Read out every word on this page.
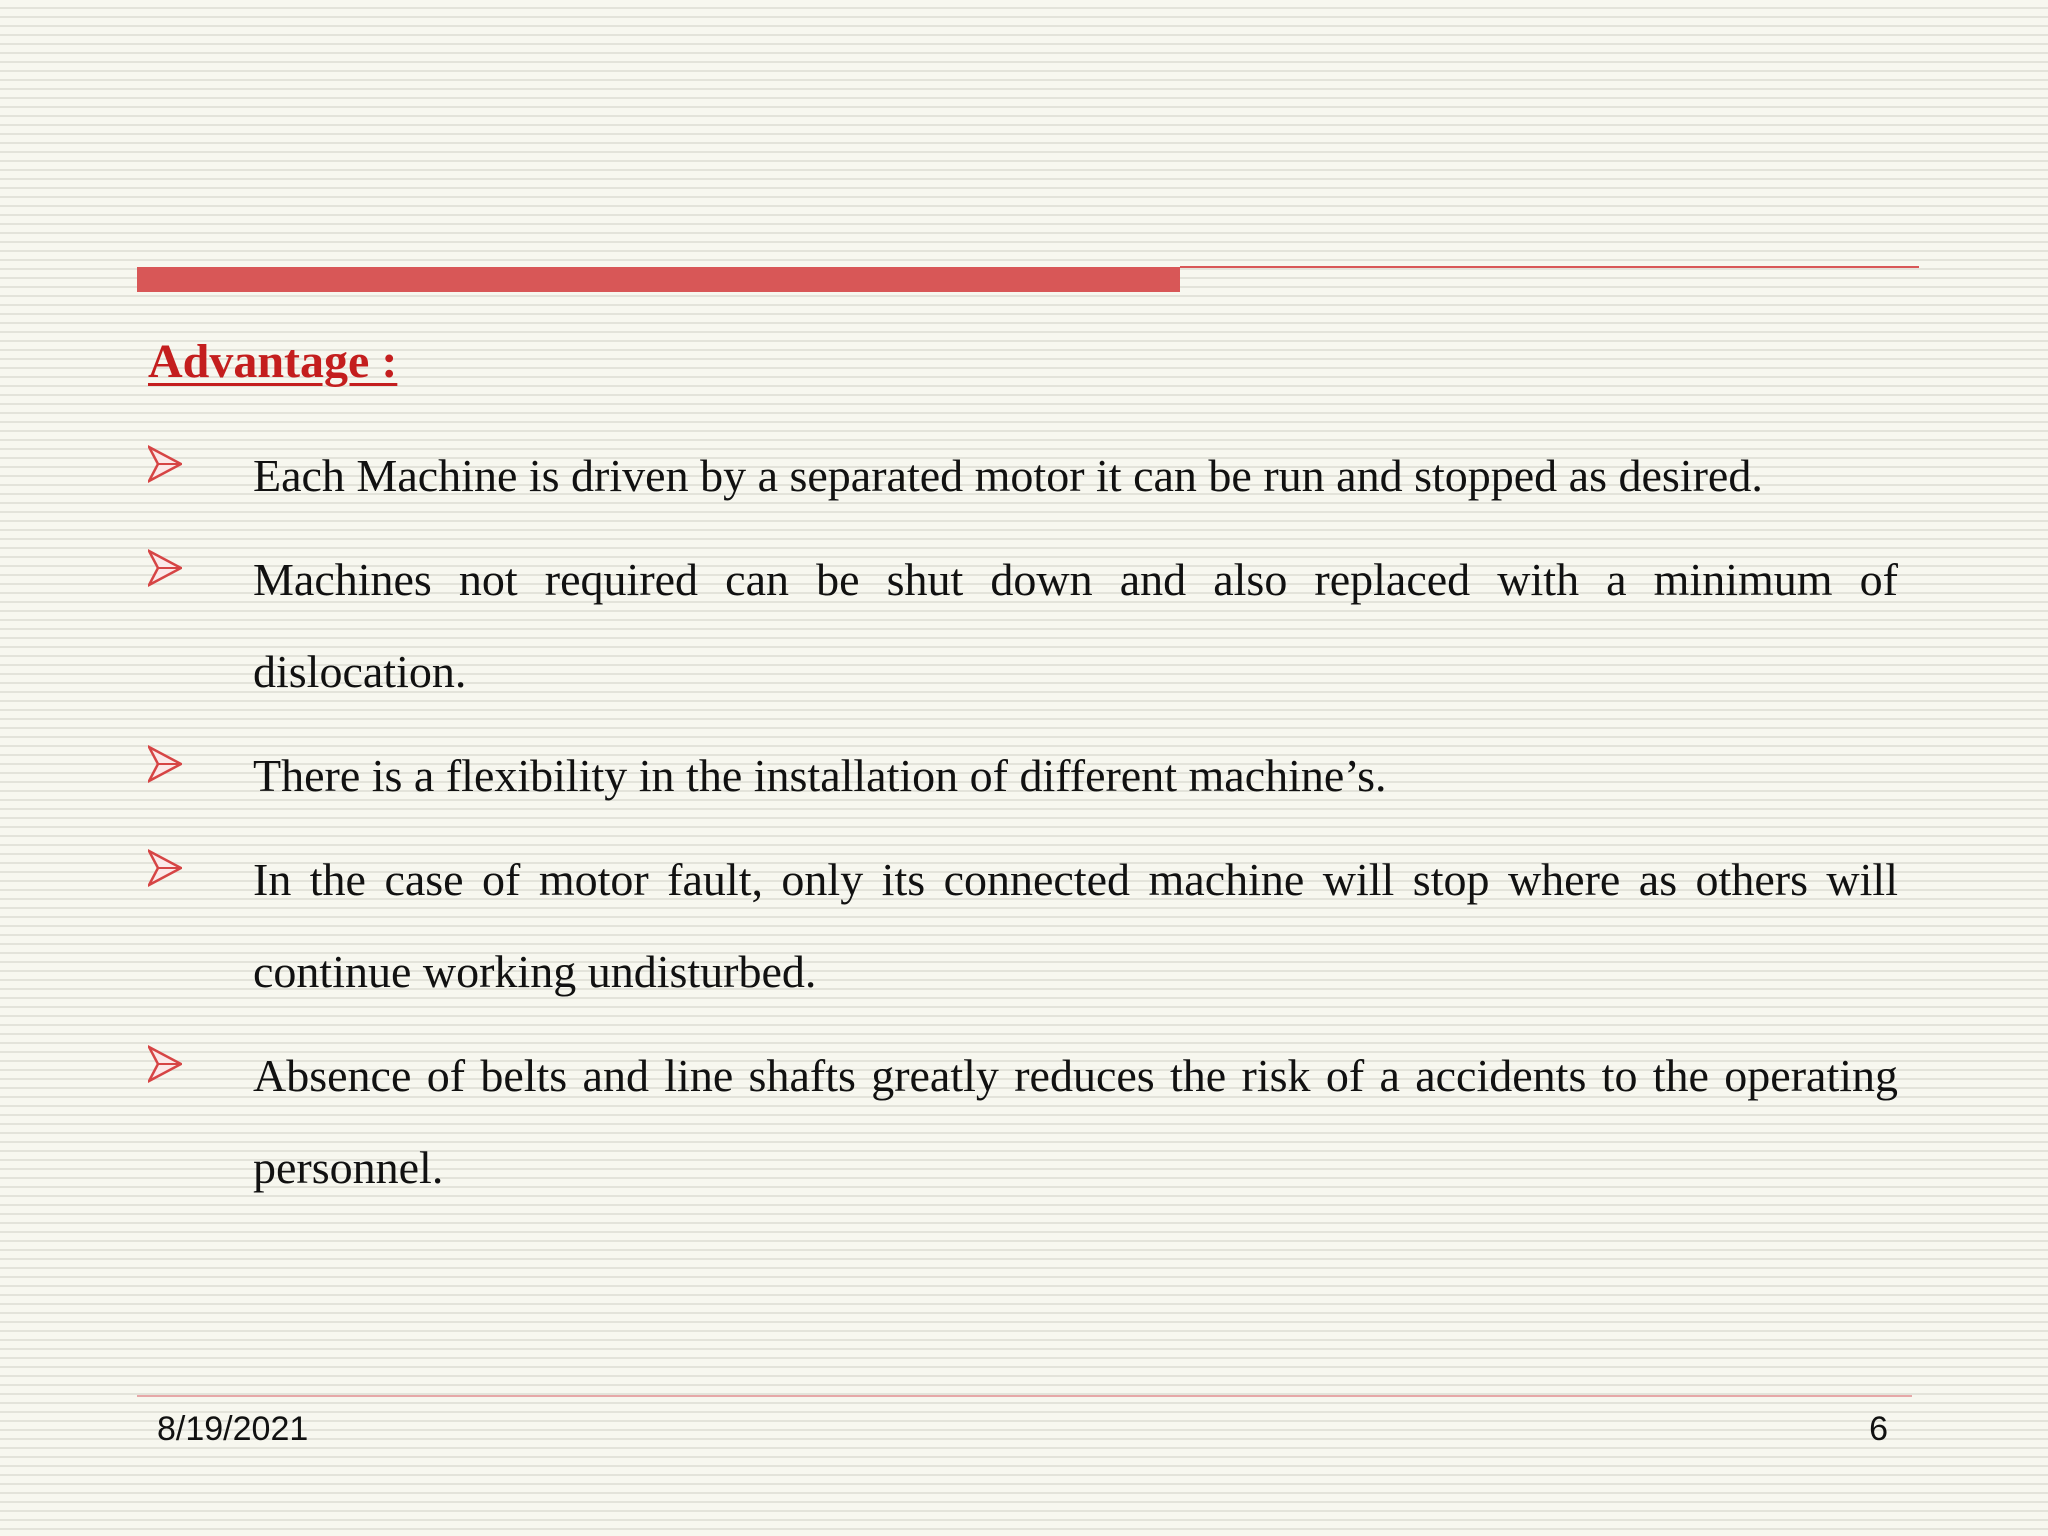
Advantage :
Each Machine is driven by a separated motor it can be run and stopped as desired.
Machines not required can be shut down and also replaced with a minimum of dislocation.
There is a flexibility in the installation of different machine’s.
In the case of motor fault, only its connected machine will stop where as others will continue working undisturbed.
Absence of belts and line shafts greatly reduces the risk of a accidents to the operating personnel.
8/19/2021	6
